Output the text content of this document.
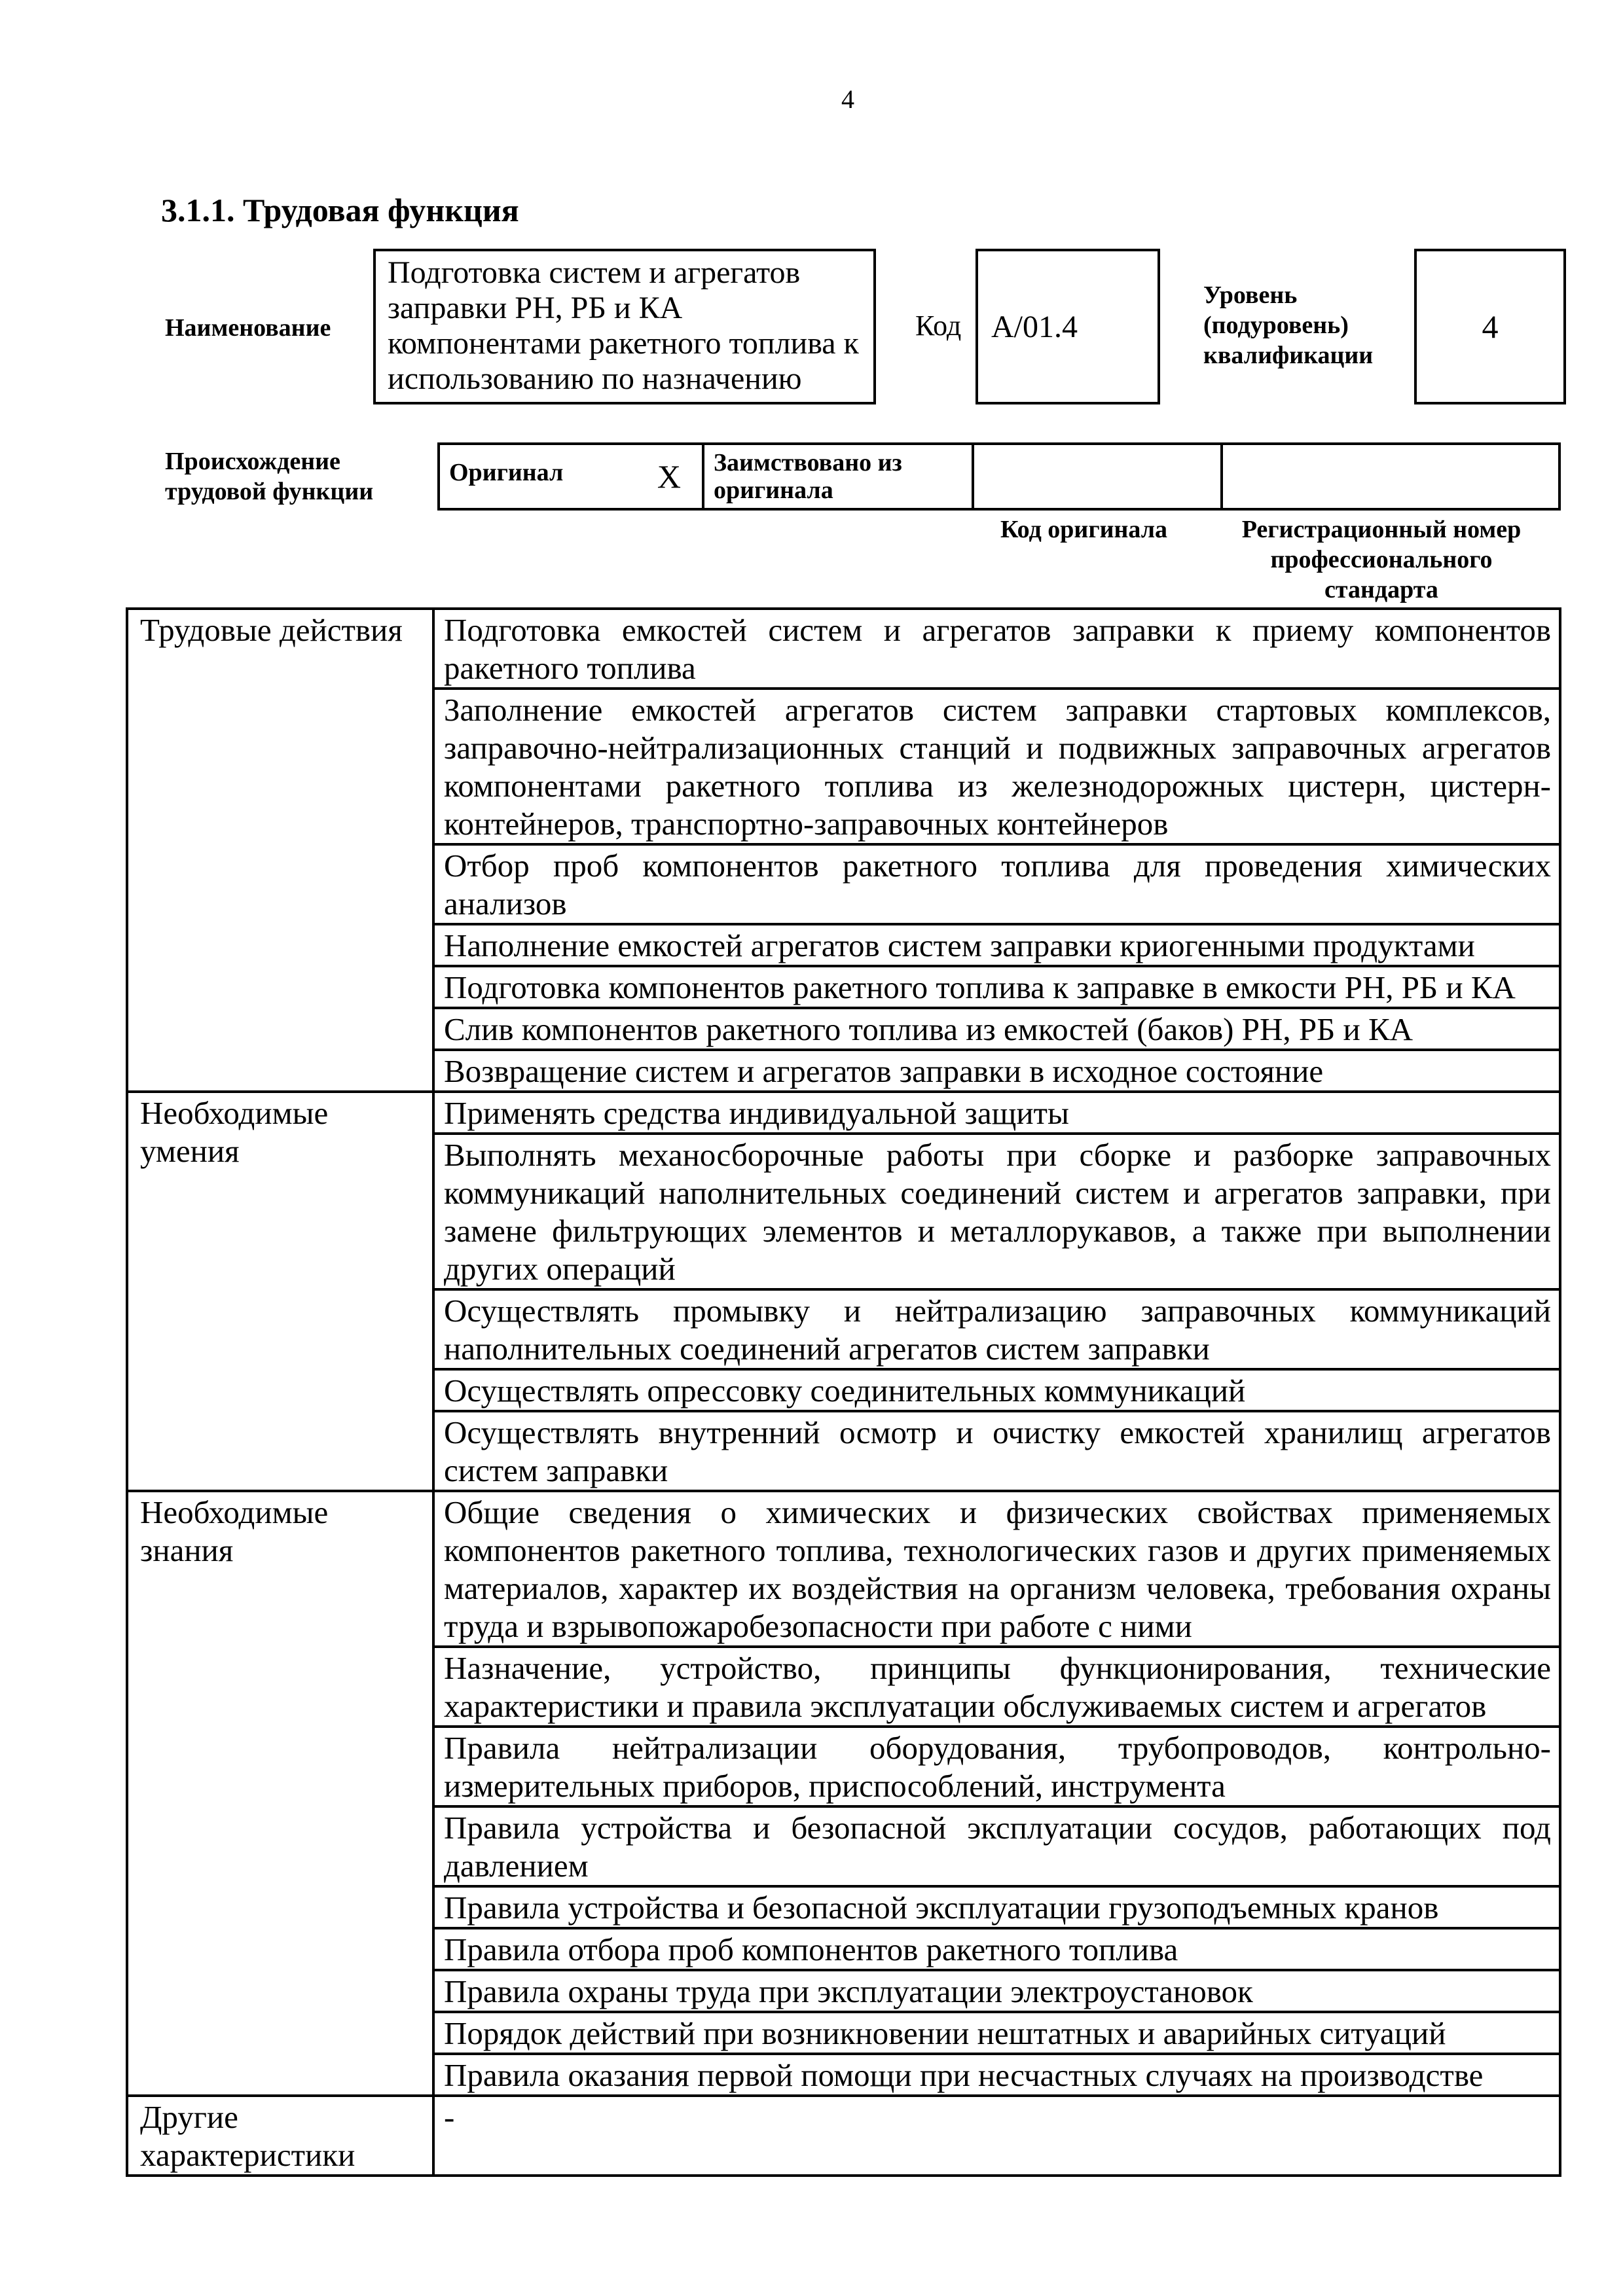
4
3.1.1. Трудовая функция
Наименование
Подготовка систем и агрегатов заправки РН, РБ и КА компонентами ракетного топлива к использованию по назначению
Код А/01.4
Уровень (подуровень) квалификации
4
Происхождение трудовой функции
Оригинал	X	Заимствовано из оригинала

Код оригинала	Регистрационный номер профессионального стандарта
Трудовые действия	Подготовка емкостей систем и агрегатов заправки к приему компонентов ракетного топлива
	Заполнение емкостей агрегатов систем заправки стартовых комплексов, заправочно-нейтрализационных станций и подвижных заправочных агрегатов компонентами ракетного топлива из железнодорожных цистерн, цистерн-контейнеров, транспортно-заправочных контейнеров
	Отбор проб компонентов ракетного топлива для проведения химических анализов
	Наполнение емкостей агрегатов систем заправки криогенными продуктами
	Подготовка компонентов ракетного топлива к заправке в емкости РН, РБ и КА
	Слив компонентов ракетного топлива из емкостей (баков) РН, РБ и КА
	Возвращение систем и агрегатов заправки в исходное состояние
Необходимые умения	Применять средства индивидуальной защиты
	Выполнять механосборочные работы при сборке и разборке заправочных коммуникаций наполнительных соединений систем и агрегатов заправки, при замене фильтрующих элементов и металлорукавов, а также при выполнении других операций
	Осуществлять промывку и нейтрализацию заправочных коммуникаций наполнительных соединений агрегатов систем заправки
	Осуществлять опрессовку соединительных коммуникаций
	Осуществлять внутренний осмотр и очистку емкостей хранилищ агрегатов систем заправки
Необходимые знания	Общие сведения о химических и физических свойствах применяемых компонентов ракетного топлива, технологических газов и других применяемых материалов, характер их воздействия на организм человека, требования охраны труда и взрывопожаробезопасности при работе с ними
	Назначение, устройство, принципы функционирования, технические характеристики и правила эксплуатации обслуживаемых систем и агрегатов
	Правила нейтрализации оборудования, трубопроводов, контрольно-измерительных приборов, приспособлений, инструмента
	Правила устройства и безопасной эксплуатации сосудов, работающих под давлением
	Правила устройства и безопасной эксплуатации грузоподъемных кранов
	Правила отбора проб компонентов ракетного топлива
	Правила охраны труда при эксплуатации электроустановок
	Порядок действий при возникновении нештатных и аварийных ситуаций
	Правила оказания первой помощи при несчастных случаях на производстве
Другие характеристики	-
